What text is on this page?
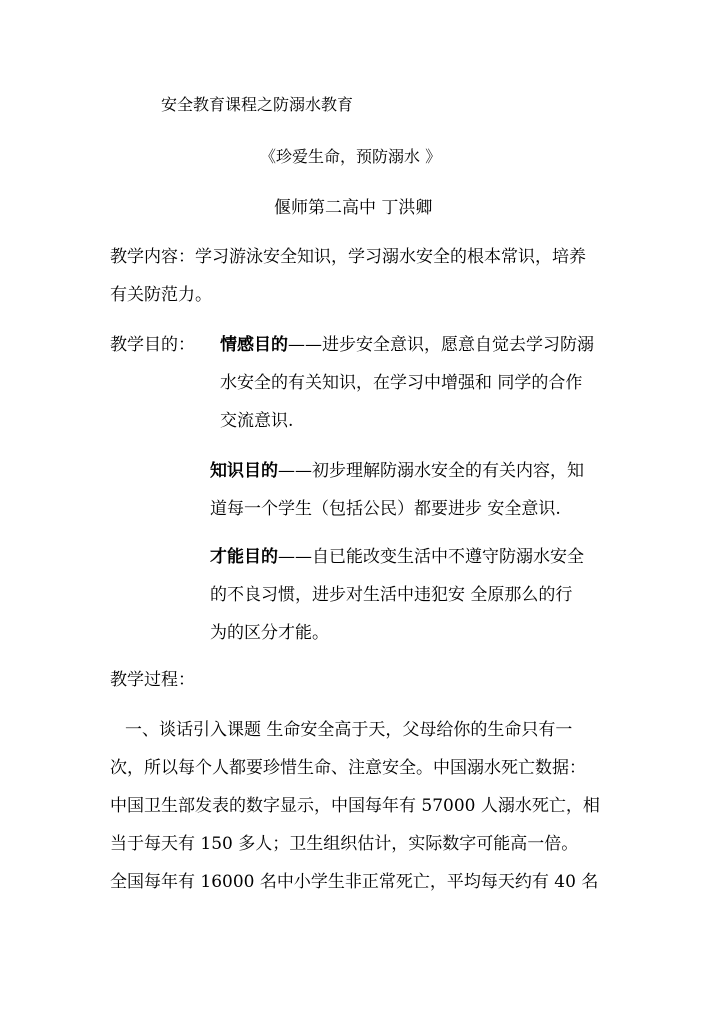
安全教育课程之防溺水教育
《珍爱生命，预防溺水 》
偃师第二高中 丁洪卿
教学内容：学习游泳安全知识，学习溺水安全的根本常识，培养
有关防范力。
教学目的： 情感目的——进步安全意识，愿意自觉去学习防溺
水安全的有关知识，在学习中增强和 同学的合作
交流意识.
知识目的——初步理解防溺水安全的有关内容，知
道每一个学生（包括公民）都要进步 安全意识.
才能目的——自已能改变生活中不遵守防溺水安全
的不良习惯，进步对生活中违犯安 全原那么的行
为的区分才能。
教学过程：
一、谈话引入课题 生命安全高于天，父母给你的生命只有一
次，所以每个人都要珍惜生命、注意安全。中国溺水死亡数据：
中国卫生部发表的数字显示，中国每年有 57000 人溺水死亡，相
当于每天有 150 多人；卫生组织估计，实际数字可能高一倍。
全国每年有 16000 名中小学生非正常死亡，平均每天约有 40 名
